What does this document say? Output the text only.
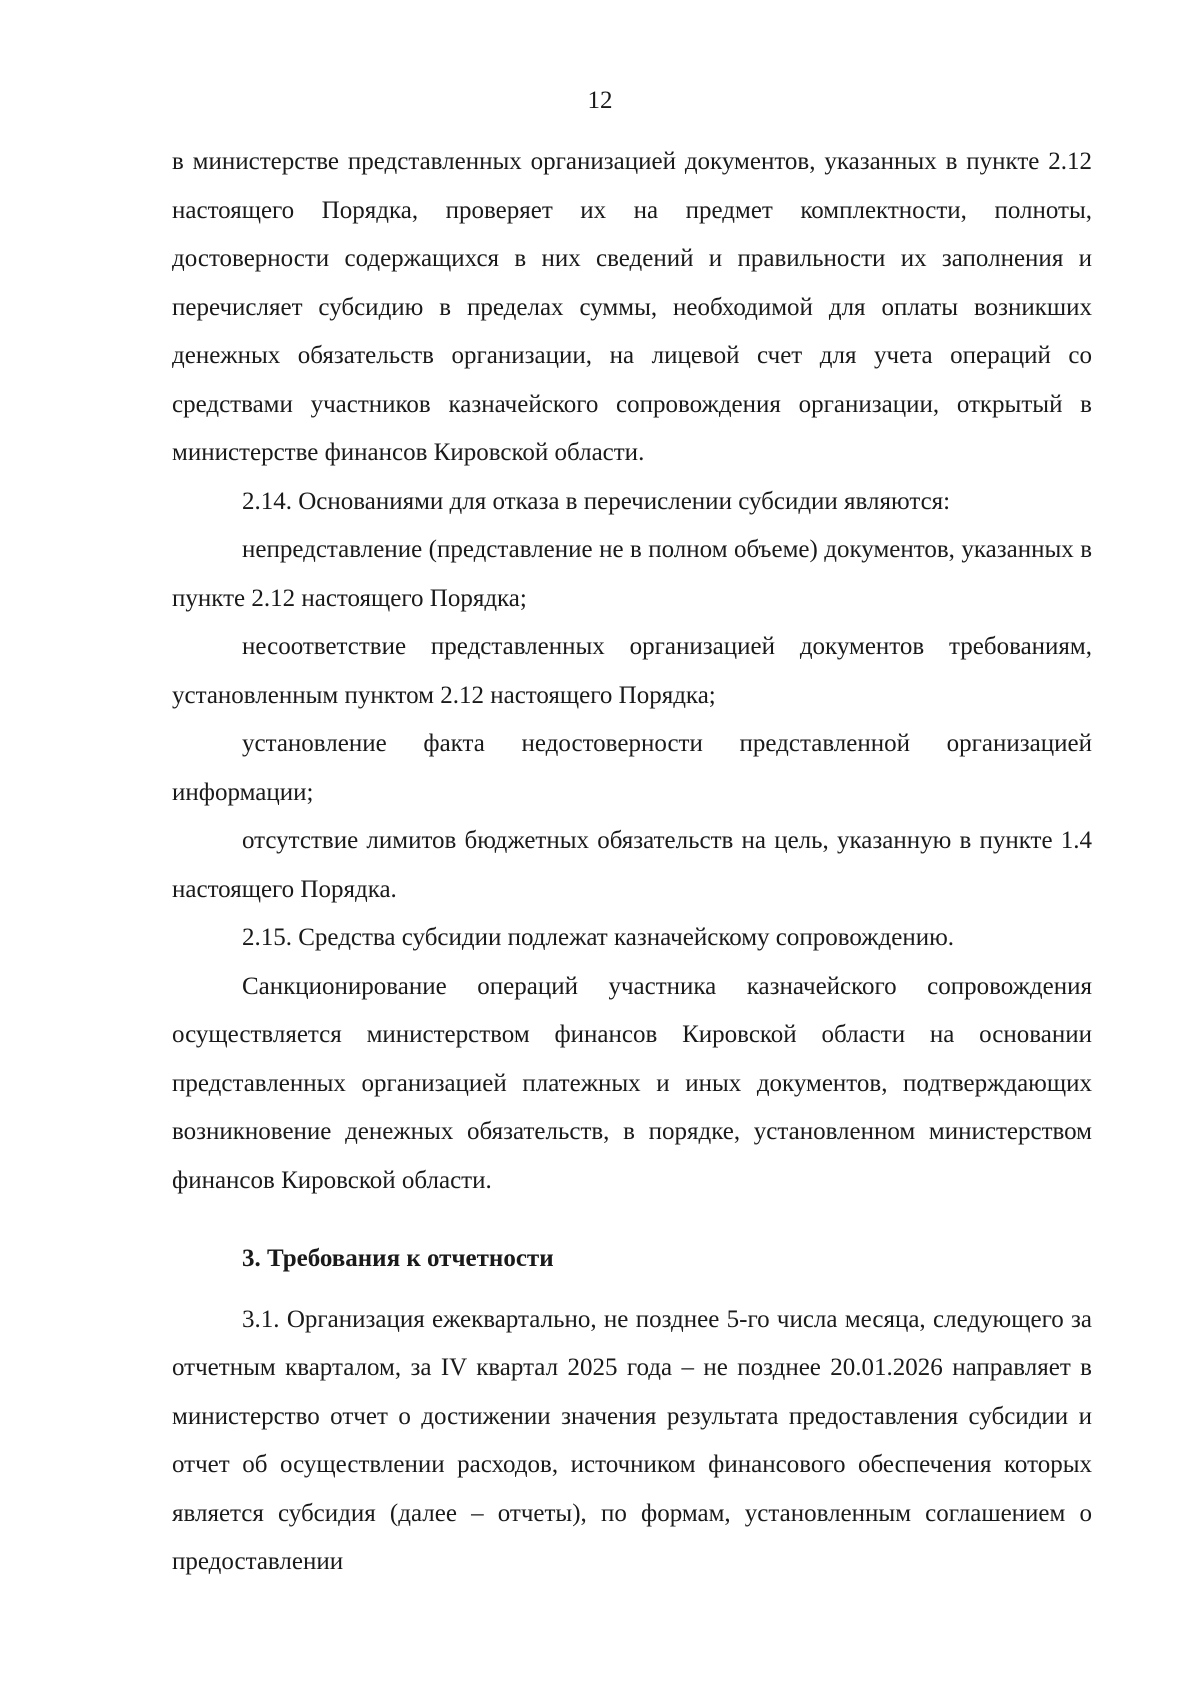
12

в министерстве представленных организацией документов, указанных в пункте 2.12 настоящего Порядка, проверяет их на предмет комплектности, полноты, достоверности содержащихся в них сведений и правильности их заполнения и перечисляет субсидию в пределах суммы, необходимой для оплаты возникших денежных обязательств организации, на лицевой счет для учета операций со средствами участников казначейского сопровождения организации, открытый в министерстве финансов Кировской области.

2.14. Основаниями для отказа в перечислении субсидии являются:

непредставление (представление не в полном объеме) документов, указанных в пункте 2.12 настоящего Порядка;

несоответствие представленных организацией документов требованиям, установленным пунктом 2.12 настоящего Порядка;

установление факта недостоверности представленной организацией информации;

отсутствие лимитов бюджетных обязательств на цель, указанную в пункте 1.4 настоящего Порядка.

2.15. Средства субсидии подлежат казначейскому сопровождению.

Санкционирование операций участника казначейского сопровождения осуществляется министерством финансов Кировской области на основании представленных организацией платежных и иных документов, подтверждающих возникновение денежных обязательств, в порядке, установленном министерством финансов Кировской области.

3. Требования к отчетности

3.1. Организация ежеквартально, не позднее 5-го числа месяца, следующего за отчетным кварталом, за IV квартал 2025 года – не позднее 20.01.2026 направляет в министерство отчет о достижении значения результата предоставления субсидии и отчет об осуществлении расходов, источником финансового обеспечения которых является субсидия (далее – отчеты), по формам, установленным соглашением о предоставлении
